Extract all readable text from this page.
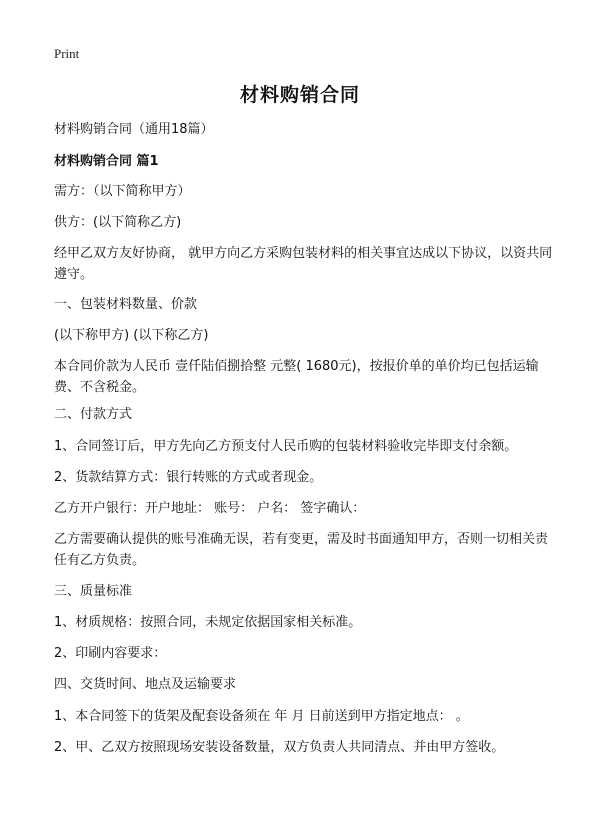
Print
材料购销合同

材料购销合同（通用18篇）

材料购销合同 篇1

需方：（以下简称甲方）

供方：(以下简称乙方)

经甲乙双方友好协商， 就甲方向乙方采购包装材料的相关事宜达成以下协议，以资共同遵守。

一、包装材料数量、价款

(以下称甲方) (以下称乙方)

本合同价款为人民币 壹仟陆佰捌拾整 元整( 1680元)，按报价单的单价均已包括运输费、不含税金。

二、付款方式

1、合同签订后，甲方先向乙方预支付人民币购的包装材料验收完毕即支付余额。

2、货款结算方式：银行转账的方式或者现金。

乙方开户银行：开户地址： 账号： 户名： 签字确认：

乙方需要确认提供的账号准确无误，若有变更，需及时书面通知甲方，否则一切相关责任有乙方负责。

三、质量标准

1、材质规格：按照合同，未规定依据国家相关标准。

2、印刷内容要求：

四、交货时间、地点及运输要求

1、本合同签下的货架及配套设备须在 年 月 日前送到甲方指定地点： 。

2、甲、乙双方按照现场安装设备数量，双方负责人共同清点、并由甲方签收。
